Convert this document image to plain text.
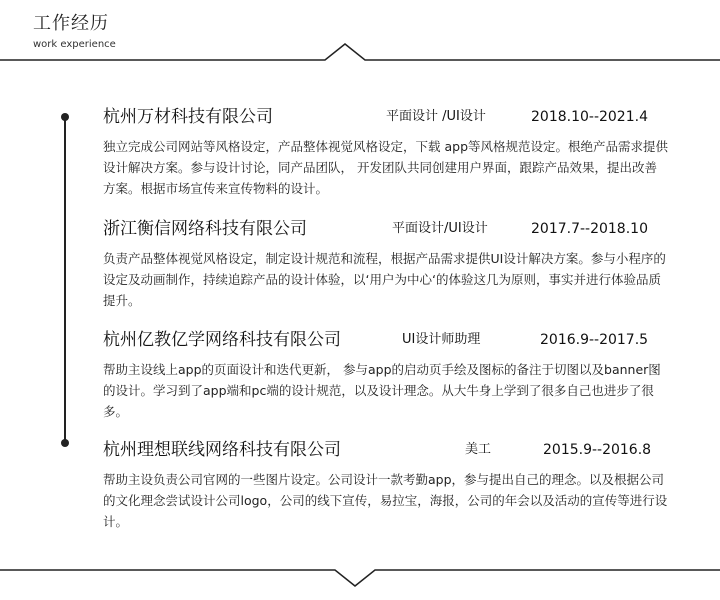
工作经历
work experience
杭州万材科技有限公司	平面设计 /UI设计	2018.10--2021.4

独立完成公司网站等风格设定，产品整体视觉风格设定，下载 app等风格规范设定。根绝产品需求提供设计解决方案。参与设计讨论，同产品团队， 开发团队共同创建用户界面，跟踪产品效果，提出改善方案。根据市场宣传来宣传物料的设计。

浙江衡信网络科技有限公司	平面设计/UI设计	2017.7--2018.10

负责产品整体视觉风格设定，制定设计规范和流程，根据产品需求提供UI设计解决方案。参与小程序的设定及动画制作，持续追踪产品的设计体验，以‘用户为中心‘的体验这几为原则，事实并进行体验品质提升。

杭州亿教亿学网络科技有限公司	UI设计师助理	2016.9--2017.5

帮助主设线上app的页面设计和迭代更新， 参与app的启动页手绘及图标的备注于切图以及banner图的设计。学习到了app端和pc端的设计规范，以及设计理念。从大牛身上学到了很多自己也进步了很多。

杭州理想联线网络科技有限公司	美工	2015.9--2016.8

帮助主设负责公司官网的一些图片设定。公司设计一款考勤app，参与提出自己的理念。以及根据公司的文化理念尝试设计公司logo，公司的线下宣传，易拉宝，海报，公司的年会以及活动的宣传等进行设计。
